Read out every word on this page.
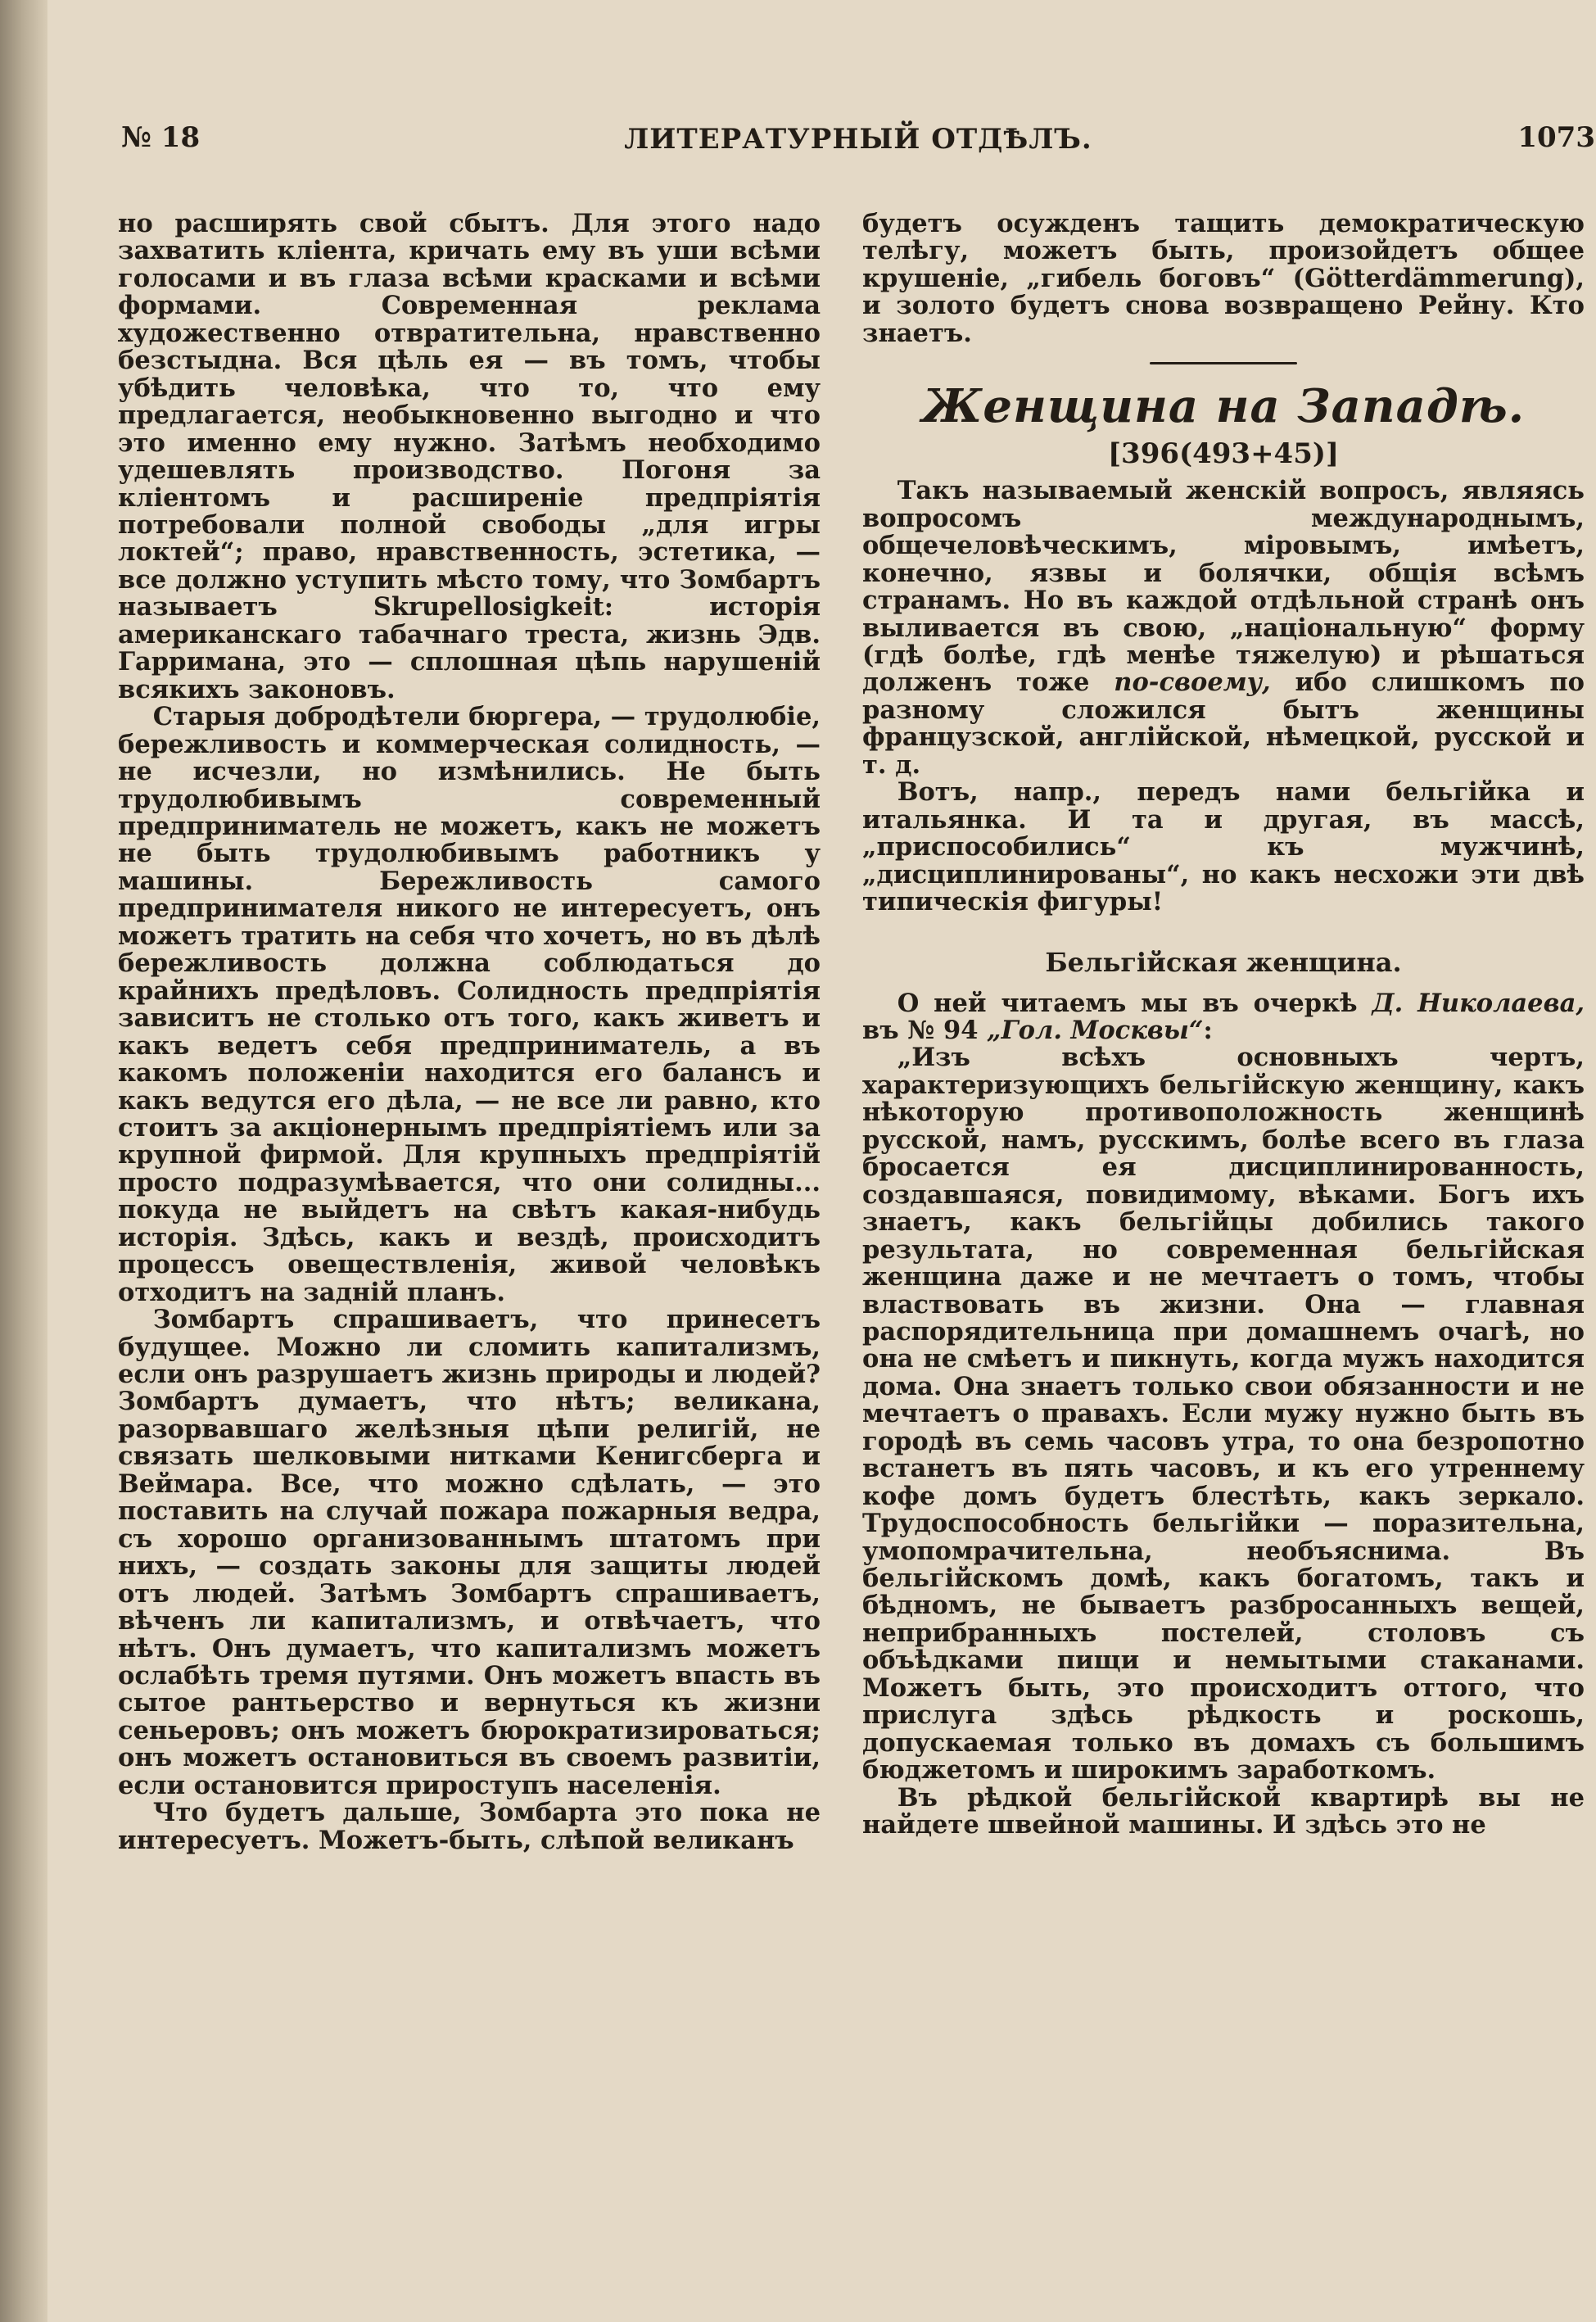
№ 18	ЛИТЕРАТУРНЫЙ ОТДѢЛЪ.	1073

но расширять свой сбытъ. Для этого надо захватить кліента, кричать ему въ уши всѣми голосами и въ глаза всѣми красками и всѣми формами. Современная реклама художественно отвратительна, нравственно безстыдна. Вся цѣль ея — въ томъ, чтобы убѣдить человѣка, что то, что ему предлагается, необыкновенно выгодно и что это именно ему нужно. Затѣмъ необходимо удешевлять производство. Погоня за кліентомъ и расширеніе предпріятія потребовали полной свободы „для игры локтей“; право, нравственность, эстетика, — все должно уступить мѣсто тому, что Зомбартъ называетъ Skrupellosigkeit: исторія американскаго табачнаго треста, жизнь Эдв. Гарримана, это — сплошная цѣпь нарушеній всякихъ законовъ.

Старыя добродѣтели бюргера, — трудолюбіе, бережливость и коммерческая солидность, — не исчезли, но измѣнились. Не быть трудолюбивымъ современный предприниматель не можетъ, какъ не можетъ не быть трудолюбивымъ работникъ у машины. Бережливость самого предпринимателя никого не интересуетъ, онъ можетъ тратить на себя что хочетъ, но въ дѣлѣ бережливость должна соблюдаться до крайнихъ предѣловъ. Солидность предпріятія зависитъ не столько отъ того, какъ живетъ и какъ ведетъ себя предприниматель, а въ какомъ положеніи находится его балансъ и какъ ведутся его дѣла, — не все ли равно, кто стоитъ за акціонернымъ предпріятіемъ или за крупной фирмой. Для крупныхъ предпріятій просто подразумѣвается, что они солидны... покуда не выйдетъ на свѣтъ какая-нибудь исторія. Здѣсь, какъ и вездѣ, происходитъ процессъ овеществленія, живой человѣкъ отходитъ на задній планъ.

Зомбартъ спрашиваетъ, что принесетъ будущее. Можно ли сломить капитализмъ, если онъ разрушаетъ жизнь природы и людей? Зомбартъ думаетъ, что нѣтъ; великана, разорвавшаго желѣзныя цѣпи религій, не связать шелковыми нитками Кенигсберга и Веймара. Все, что можно сдѣлать, — это поставить на случай пожара пожарныя ведра, съ хорошо организованнымъ штатомъ при нихъ, — создать законы для защиты людей отъ людей. Затѣмъ Зомбартъ спрашиваетъ, вѣченъ ли капитализмъ, и отвѣчаетъ, что нѣтъ. Онъ думаетъ, что капитализмъ можетъ ослабѣть тремя путями. Онъ можетъ впасть въ сытое рантьерство и вернуться къ жизни сеньеровъ; онъ можетъ бюрократизироваться; онъ можетъ остановиться въ своемъ развитіи, если остановится прироступъ населенія.

Что будетъ дальше, Зомбарта это пока не интересуетъ. Можетъ-быть, слѣпой великанъ

будетъ осужденъ тащить демократическую телѣгу, можетъ быть, произойдетъ общее крушеніе, „гибель боговъ“ (Götterdämmerung), и золото будетъ снова возвращено Рейну. Кто знаетъ.

Женщина на Западѣ.
[396(493+45)]

Такъ называемый женскій вопросъ, являясь вопросомъ международнымъ, общечеловѣческимъ, міровымъ, имѣетъ, конечно, язвы и болячки, общія всѣмъ странамъ. Но въ каждой отдѣльной странѣ онъ выливается въ свою, „національную“ форму (гдѣ болѣе, гдѣ менѣе тяжелую) и рѣшаться долженъ тоже по-своему, ибо слишкомъ по разному сложился бытъ женщины французской, англійской, нѣмецкой, русской и т. д.

Вотъ, напр., передъ нами бельгійка и итальянка. И та и другая, въ массѣ, „приспособились“ къ мужчинѣ, „дисциплинированы“, но какъ несхожи эти двѣ типическія фигуры!

Бельгійская женщина.

О ней читаемъ мы въ очеркѣ Д. Николаева, въ № 94 „Гол. Москвы“:

„Изъ всѣхъ основныхъ чертъ, характеризующихъ бельгійскую женщину, какъ нѣкоторую противоположность женщинѣ русской, намъ, русскимъ, болѣе всего въ глаза бросается ея дисциплинированность, создавшаяся, повидимому, вѣками. Богъ ихъ знаетъ, какъ бельгійцы добились такого результата, но современная бельгійская женщина даже и не мечтаетъ о томъ, чтобы властвовать въ жизни. Она — главная распорядительница при домашнемъ очагѣ, но она не смѣетъ и пикнуть, когда мужъ находится дома. Она знаетъ только свои обязанности и не мечтаетъ о правахъ. Если мужу нужно быть въ городѣ въ семь часовъ утра, то она безропотно встанетъ въ пять часовъ, и къ его утреннему кофе домъ будетъ блестѣть, какъ зеркало. Трудоспособность бельгійки — поразительна, умопомрачительна, необъяснима. Въ бельгійскомъ домѣ, какъ богатомъ, такъ и бѣдномъ, не бываетъ разбросанныхъ вещей, неприбранныхъ постелей, столовъ съ объѣдками пищи и немытыми стаканами. Можетъ быть, это происходитъ оттого, что прислуга здѣсь рѣдкость и роскошь, допускаемая только въ домахъ съ большимъ бюджетомъ и широкимъ заработкомъ.

Въ рѣдкой бельгійской квартирѣ вы не найдете швейной машины. И здѣсь это не
